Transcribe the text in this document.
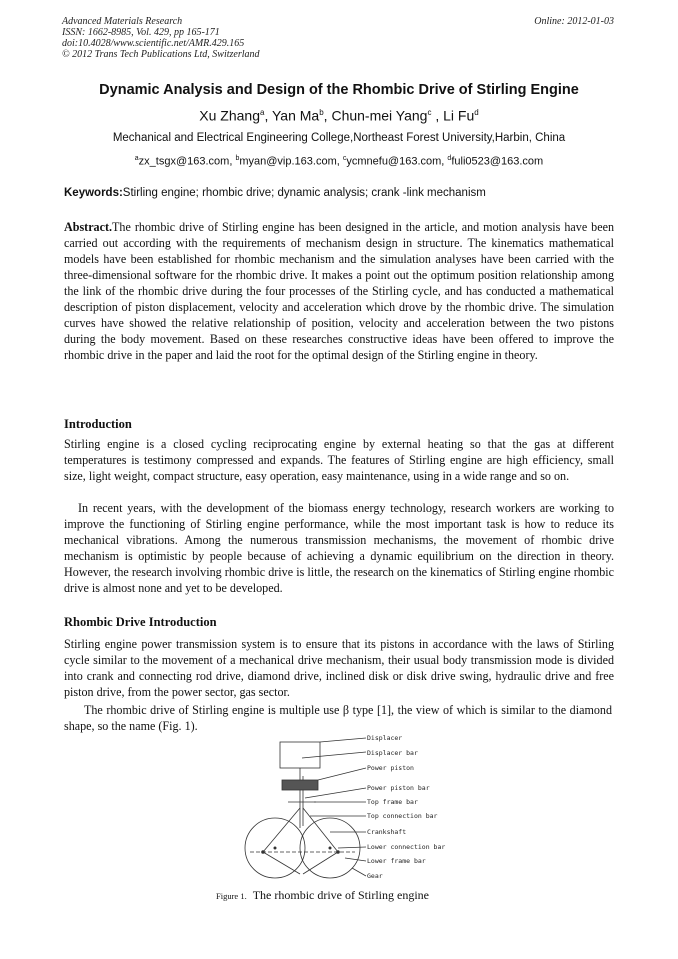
Advanced Materials Research
ISSN: 1662-8985, Vol. 429, pp 165-171
doi:10.4028/www.scientific.net/AMR.429.165
© 2012 Trans Tech Publications Ltd, Switzerland
Online: 2012-01-03
Dynamic Analysis and Design of the Rhombic Drive of Stirling Engine
Xu Zhang$^a$, Yan Ma$^b$, Chun-mei Yang$^c$ , Li Fu$^d$
Mechanical and Electrical Engineering College,Northeast Forest University,Harbin, China
$^a$zx_tsgx@163.com, $^b$myan@vip.163.com, $^c$ycmnefu@163.com, $^d$fuli0523@163.com
Keywords:Stirling engine; rhombic drive; dynamic analysis; crank -link mechanism

Abstract.The rhombic drive of Stirling engine has been designed in the article, and motion analysis have been carried out according with the requirements of mechanism design in structure. The kinematics mathematical models have been established for rhombic mechanism and the simulation analyses have been carried with the three-dimensional software for the rhombic drive. It makes a point out the optimum position relationship among the link of the rhombic drive during the four processes of the Stirling cycle, and has conducted a mathematical description of piston displacement, velocity and acceleration which drove by the rhombic drive. The simulation curves have showed the relative relationship of position, velocity and acceleration between the two pistons during the body movement. Based on these researches constructive ideas have been offered to improve the rhombic drive in the paper and laid the root for the optimal design of the Stirling engine in theory.

Introduction

Stirling engine is a closed cycling reciprocating engine by external heating so that the gas at different temperatures is testimony compressed and expands. The features of Stirling engine are high efficiency, small size, light weight, compact structure, easy operation, easy maintenance, using in a wide range and so on.

In recent years, with the development of the biomass energy technology, research workers are working to improve the functioning of Stirling engine performance, while the most important task is how to reduce its mechanical vibrations. Among the numerous transmission mechanisms, the movement of rhombic drive mechanism is optimistic by people because of achieving a dynamic equilibrium on the direction in theory. However, the research involving rhombic drive is little, the research on the kinematics of Stirling engine rhombic drive is almost none and yet to be developed.

Rhombic Drive Introduction

Stirling engine power transmission system is to ensure that its pistons in accordance with the laws of Stirling cycle similar to the movement of a mechanical drive mechanism, their usual body transmission mode is divided into crank and connecting rod drive, diamond drive, inclined disk or disk drive swing, hydraulic drive and free piston drive, from the power sector, gas sector.

The rhombic drive of Stirling engine is multiple use β type [1], the view of which is similar to the diamond shape, so the name (Fig. 1).

Displacer
Displacer bar
Power piston
Power piston bar
Top frame bar
Top connection bar
Crankshaft
Lower connection bar
Lower frame bar
Gear
Figure 1. The rhombic drive of Stirling engine
